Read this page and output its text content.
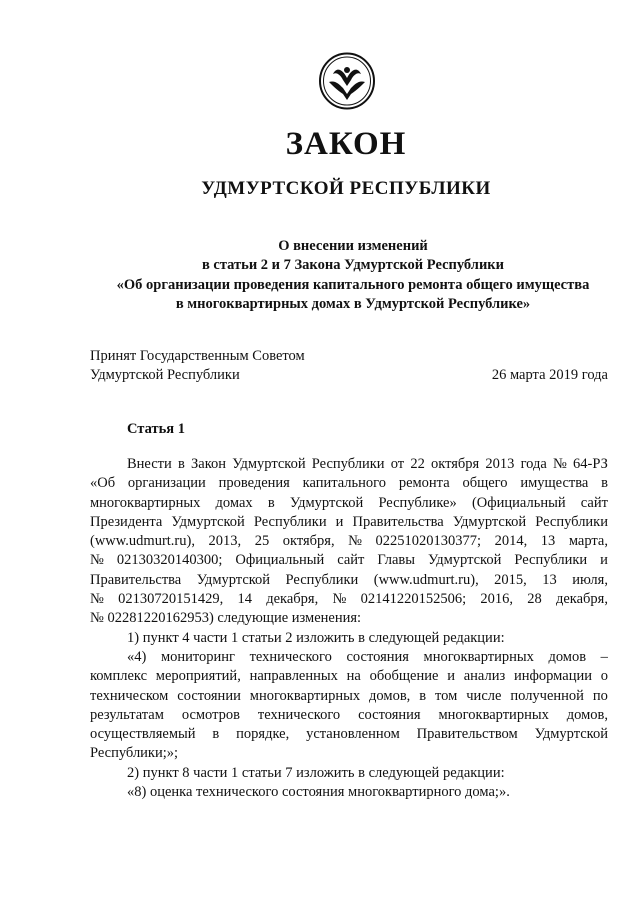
ЗАКОН
УДМУРТСКОЙ РЕСПУБЛИКИ
О внесении изменений
в статьи 2 и 7 Закона Удмуртской Республики
«Об организации проведения капитального ремонта общего имущества
в многоквартирных домах в Удмуртской Республике»
Принят Государственным Советом
Удмуртской Республики	26 марта 2019 года
Статья 1
Внести в Закон Удмуртской Республики от 22 октября 2013 года № 64-РЗ
«Об организации проведения капитального ремонта общего имущества в
многоквартирных домах в Удмуртской Республике» (Официальный сайт
Президента Удмуртской Республики и Правительства Удмуртской Республики
(www.udmurt.ru), 2013, 25 октября, № 02251020130377; 2014, 13 марта,
№ 02130320140300; Официальный сайт Главы Удмуртской Республики и
Правительства Удмуртской Республики (www.udmurt.ru), 2015, 13 июля,
№ 02130720151429, 14 декабря, № 02141220152506; 2016, 28 декабря,
№ 02281220162953) следующие изменения:
1) пункт 4 части 1 статьи 2 изложить в следующей редакции:
«4) мониторинг технического состояния многоквартирных домов –
комплекс мероприятий, направленных на обобщение и анализ информации о
техническом состоянии многоквартирных домов, в том числе полученной по
результатам осмотров технического состояния многоквартирных домов,
осуществляемый в порядке, установленном Правительством Удмуртской
Республики;»;
2) пункт 8 части 1 статьи 7 изложить в следующей редакции:
«8) оценка технического состояния многоквартирного дома;».
